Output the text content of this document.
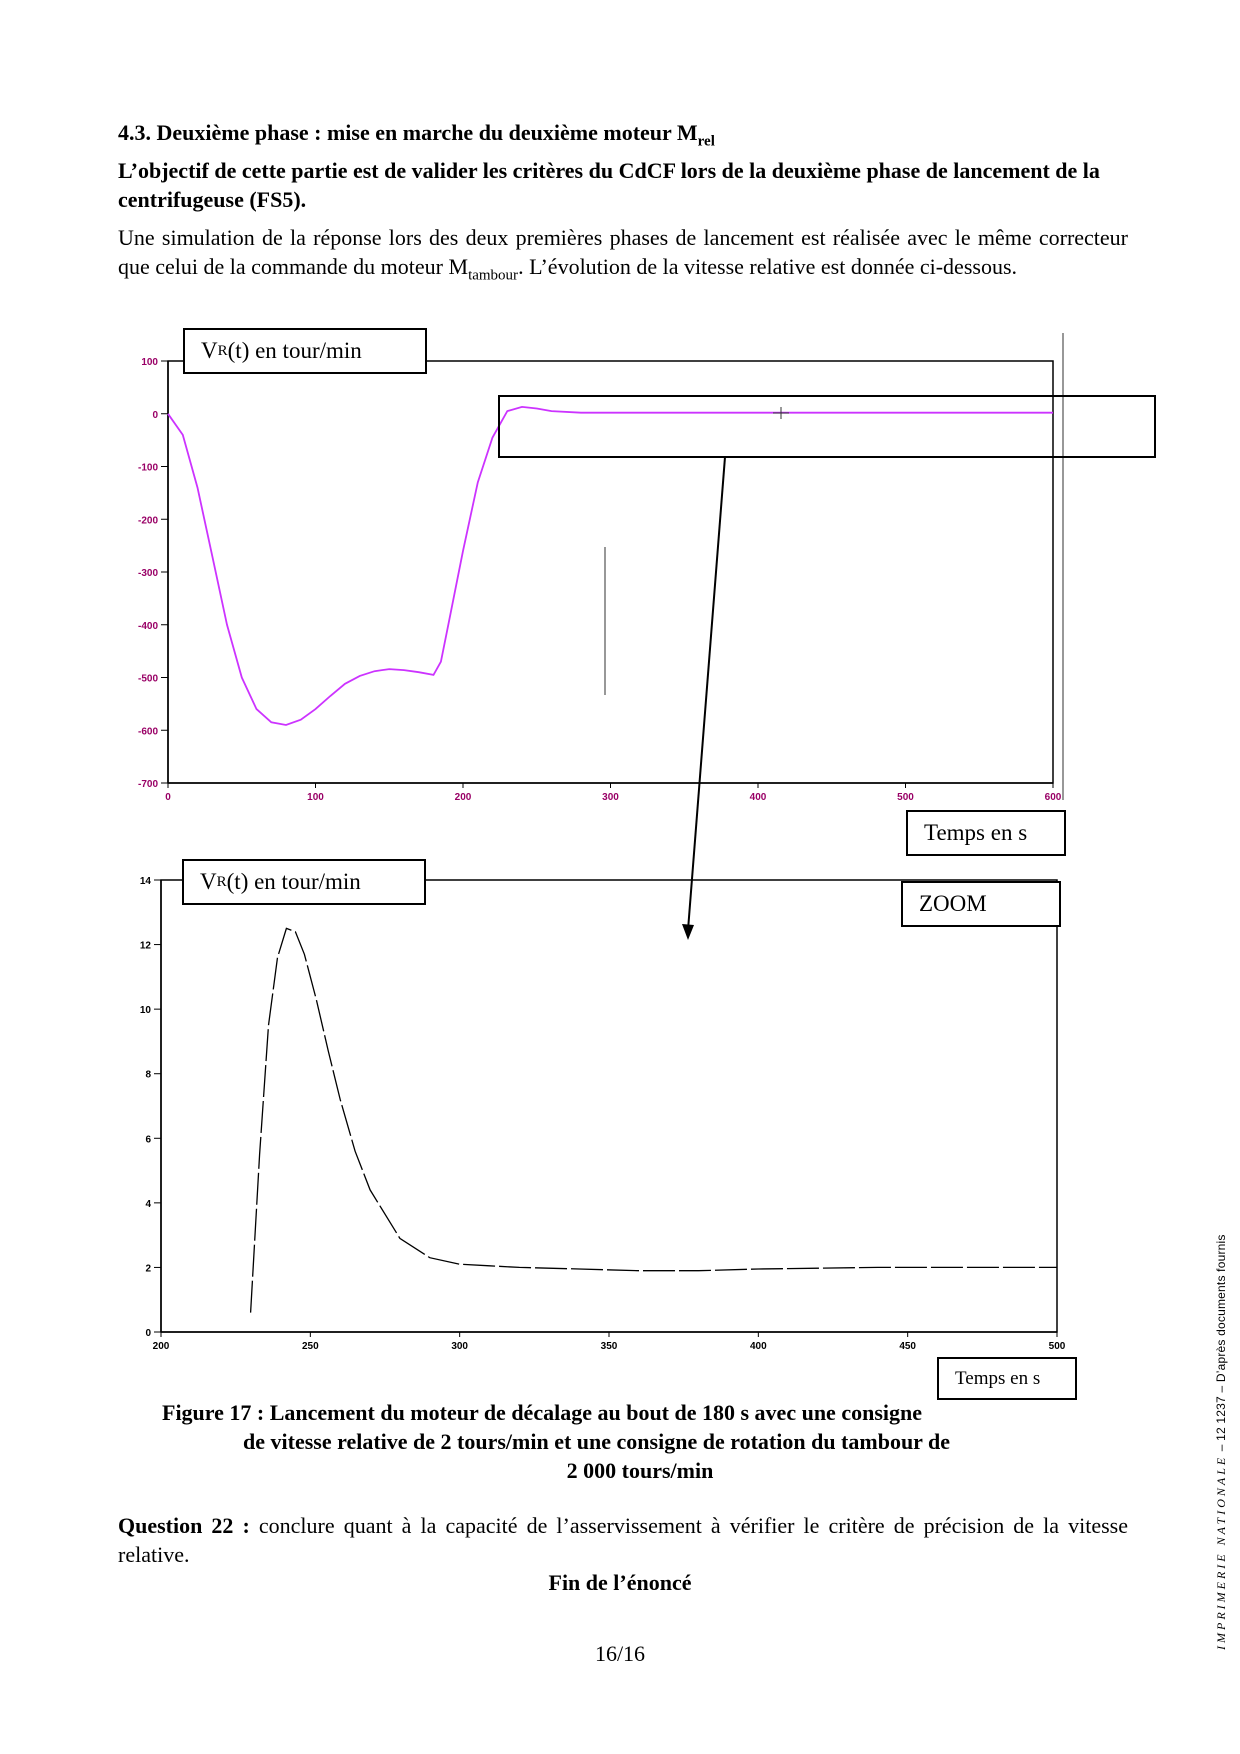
4.3. Deuxième phase : mise en marche du deuxième moteur $M_{rel}$

L’objectif de cette partie est de valider les critères du CdCF lors de la deuxième phase de lancement de la centrifugeuse (FS5).

Une simulation de la réponse lors des deux premières phases de lancement est réalisée avec le même correcteur que celui de la commande du moteur $M_{tambour}$. L’évolution de la vitesse relative est donnée ci-dessous.

100
0
-100
-200
-300
-400
-500
-600
-700
0	100	200	300	400	500	600
0
2
4
6
8
10
12
14
200	250	300	350	400	450	500
V R (t) en tour/min
Temps en s
V R (t) en tour/min
ZOOM
Temps en s
Figure 17 : Lancement du moteur de décalage au bout de 180 s avec une consigne
de vitesse relative de 2 tours/min et une consigne de rotation du tambour de
2 000 tours/min
Question 22 : conclure quant à la capacité de l’asservissement à vérifier le critère de précision de la vitesse relative.
Fin de l’énoncé
16/16
IMPRIMERIE NATIONALE – 12 1237 – D’après documents fournis
